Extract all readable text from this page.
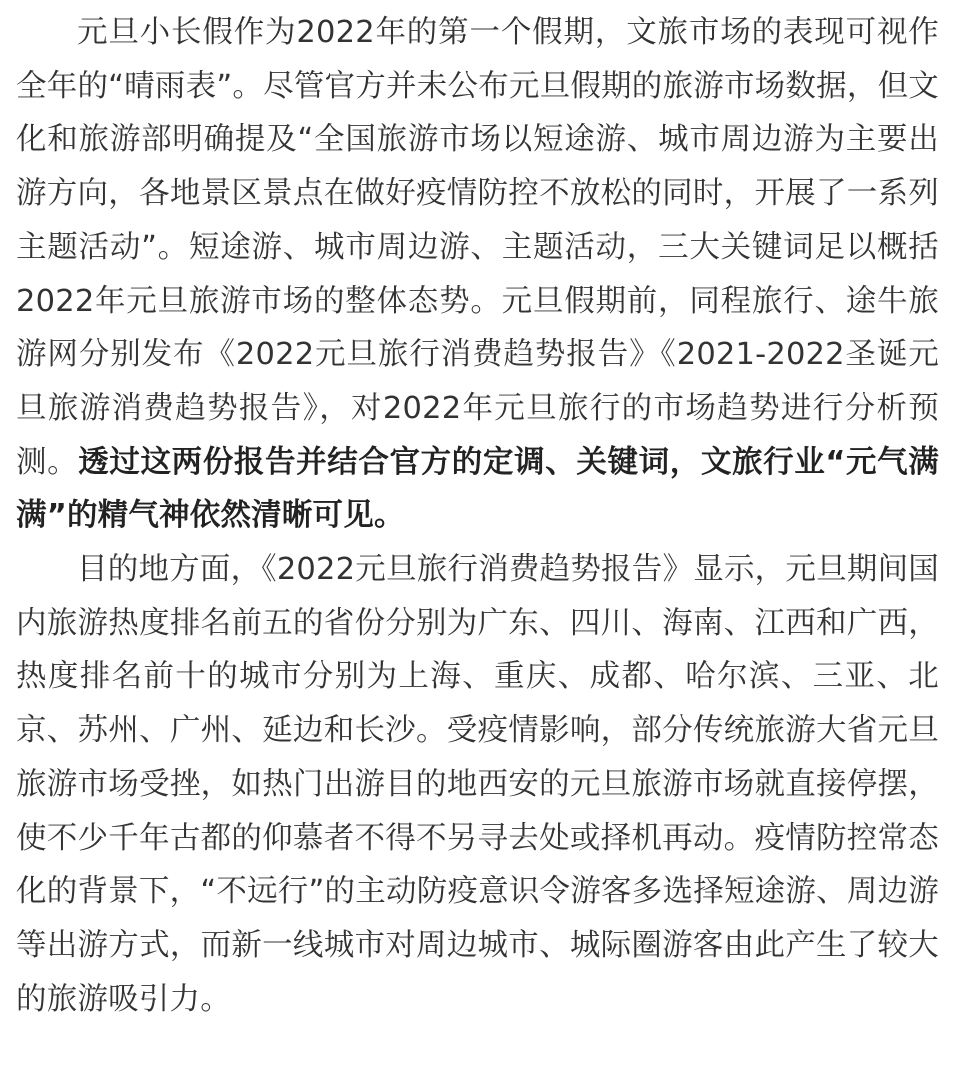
元旦小长假作为2022年的第一个假期，文旅市场的表现可视作全年的“晴雨表”。尽管官方并未公布元旦假期的旅游市场数据，但文化和旅游部明确提及“全国旅游市场以短途游、城市周边游为主要出游方向，各地景区景点在做好疫情防控不放松的同时，开展了一系列主题活动”。短途游、城市周边游、主题活动，三大关键词足以概括2022年元旦旅游市场的整体态势。元旦假期前，同程旅行、途牛旅游网分别发布《2022元旦旅行消费趋势报告》《2021-2022圣诞元旦旅游消费趋势报告》，对2022年元旦旅行的市场趋势进行分析预测。透过这两份报告并结合官方的定调、关键词，文旅行业“元气满满”的精气神依然清晰可见。

目的地方面，《2022元旦旅行消费趋势报告》显示，元旦期间国内旅游热度排名前五的省份分别为广东、四川、海南、江西和广西，热度排名前十的城市分别为上海、重庆、成都、哈尔滨、三亚、北京、苏州、广州、延边和长沙。受疫情影响，部分传统旅游大省元旦旅游市场受挫，如热门出游目的地西安的元旦旅游市场就直接停摆，使不少千年古都的仰慕者不得不另寻去处或择机再动。疫情防控常态化的背景下，“不远行”的主动防疫意识令游客多选择短途游、周边游等出游方式，而新一线城市对周边城市、城际圈游客由此产生了较大的旅游吸引力。
